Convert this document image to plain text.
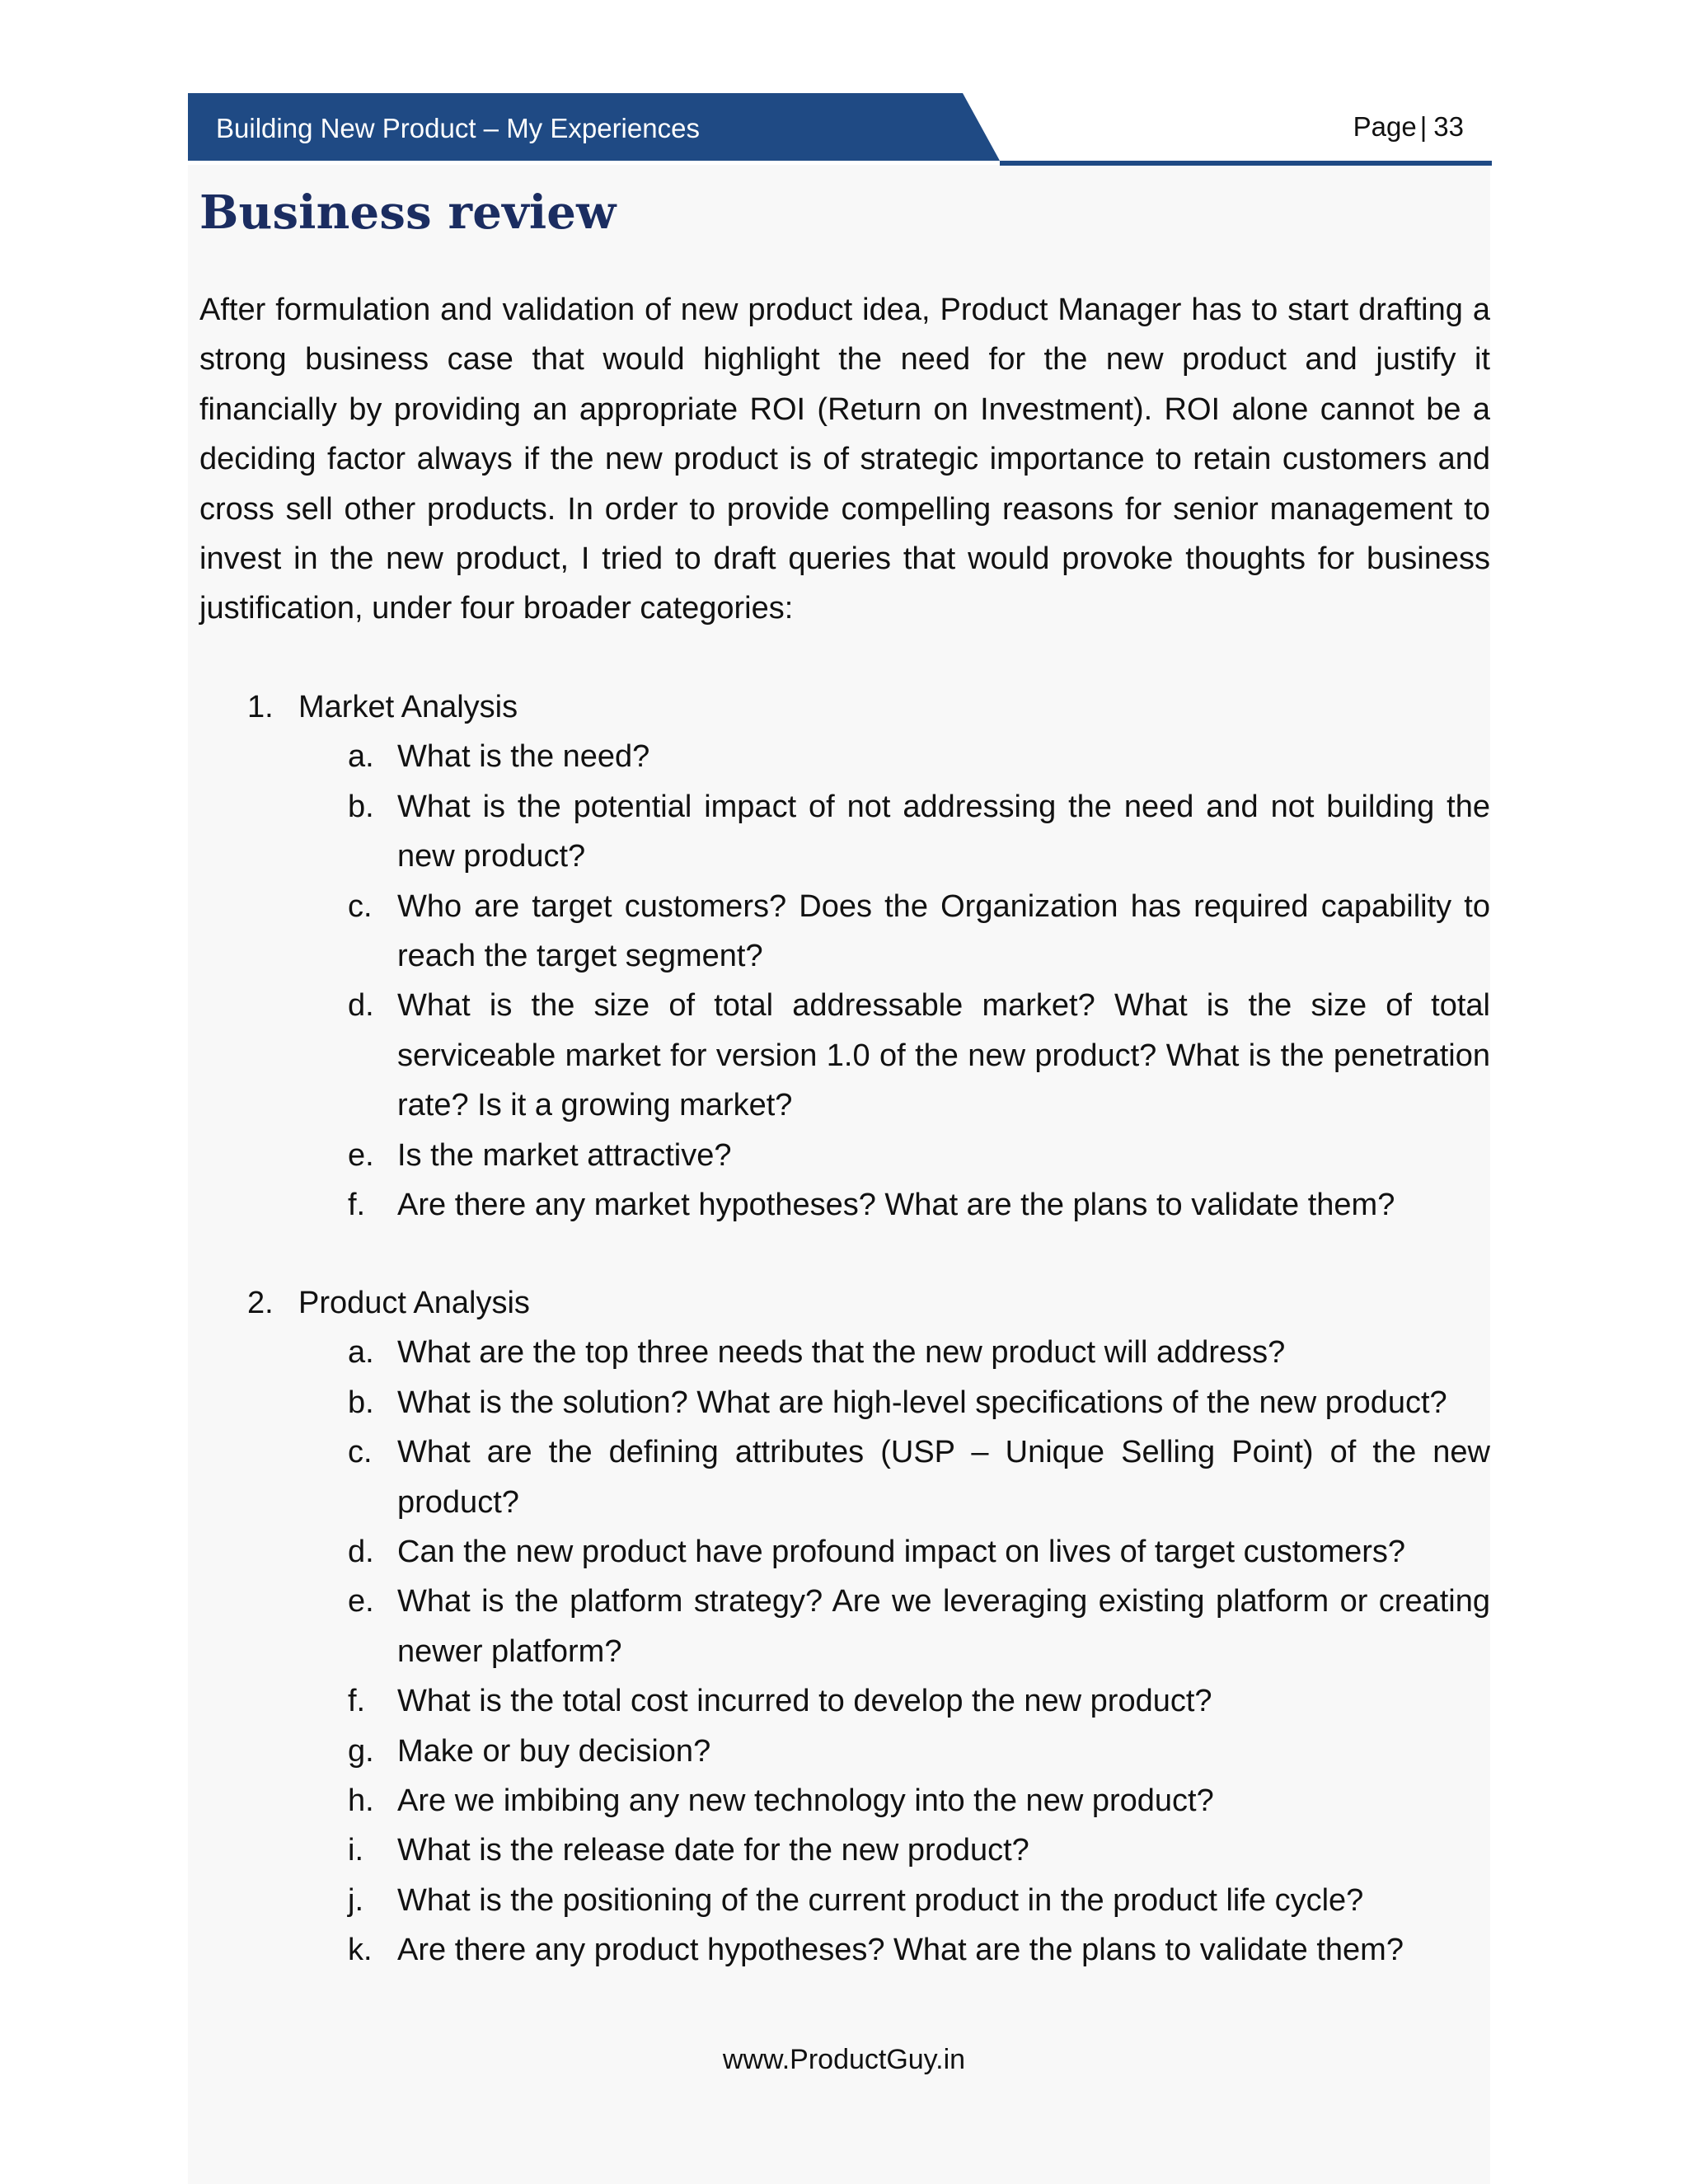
Building New Product – My Experiences	Page | 33
Business review

After formulation and validation of new product idea, Product Manager has to start drafting a strong business case that would highlight the need for the new product and justify it financially by providing an appropriate ROI (Return on Investment). ROI alone cannot be a deciding factor always if the new product is of strategic importance to retain customers and cross sell other products. In order to provide compelling reasons for senior management to invest in the new product, I tried to draft queries that would provoke thoughts for business justification, under four broader categories:

1. Market Analysis
a. What is the need?
b. What is the potential impact of not addressing the need and not building the new product?
c. Who are target customers? Does the Organization has required capability to reach the target segment?
d. What is the size of total addressable market? What is the size of total serviceable market for version 1.0 of the new product? What is the penetration rate? Is it a growing market?
e. Is the market attractive?
f.	Are there any market hypotheses? What are the plans to validate them?
2. Product Analysis
a. What are the top three needs that the new product will address?
b. What is the solution? What are high-level specifications of the new product?
c. What are the defining attributes (USP – Unique Selling Point) of the new product?
d. Can the new product have profound impact on lives of target customers?
e. What is the platform strategy? Are we leveraging existing platform or creating newer platform?
f.	What is the total cost incurred to develop the new product?
g. Make or buy decision?
h. Are we imbibing any new technology into the new product?
i.	What is the release date for the new product?
j.	What is the positioning of the current product in the product life cycle?
k. Are there any product hypotheses? What are the plans to validate them?
www.ProductGuy.in
